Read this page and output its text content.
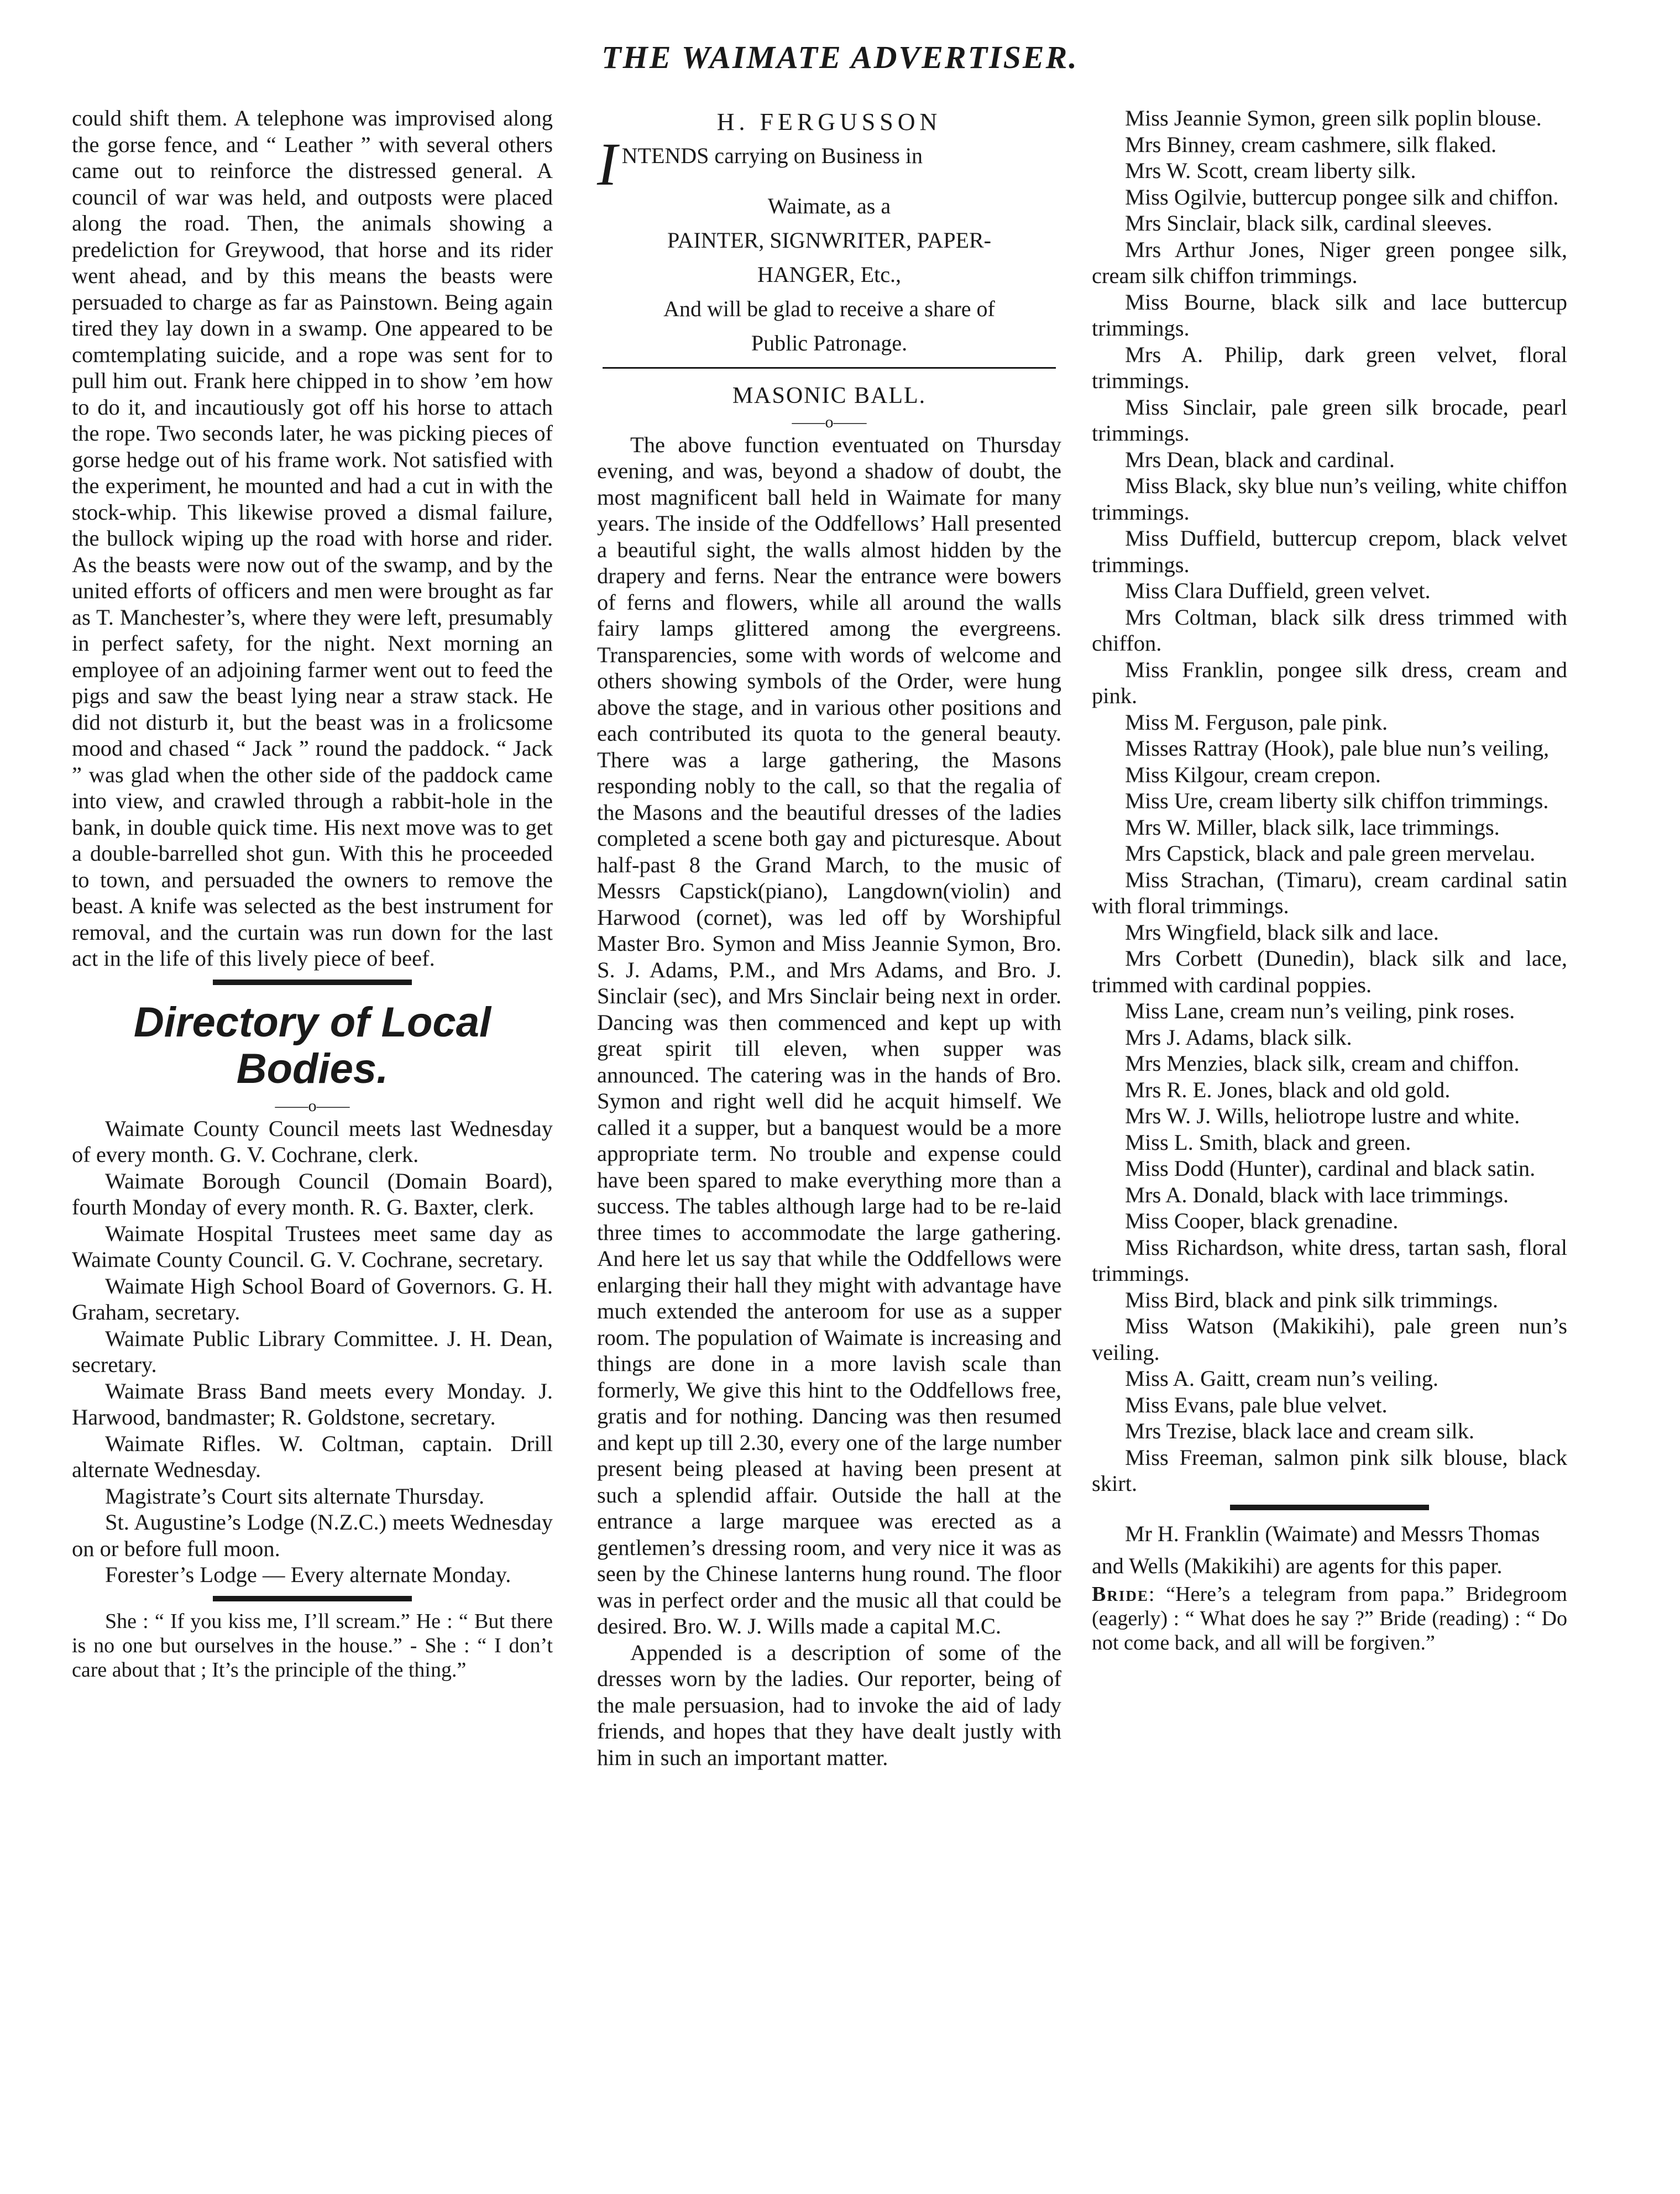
THE WAIMATE ADVERTISER.

could shift them. A telephone was improvised along the gorse fence, and “ Leather ” with several others came out to reinforce the distressed general. A council of war was held, and outposts were placed along the road. Then, the animals showing a predeliction for Greywood, that horse and its rider went ahead, and by this means the beasts were persuaded to charge as far as Painstown. Being again tired they lay down in a swamp. One appeared to be comtemplating suicide, and a rope was sent for to pull him out. Frank here chipped in to show ’em how to do it, and incautiously got off his horse to attach the rope. Two seconds later, he was picking pieces of gorse hedge out of his frame work. Not satisfied with the experiment, he mounted and had a cut in with the stock-whip. This likewise proved a dismal failure, the bullock wiping up the road with horse and rider. As the beasts were now out of the swamp, and by the united efforts of officers and men were brought as far as T. Manchester’s, where they were left, presumably in perfect safety, for the night. Next morning an employee of an adjoining farmer went out to feed the pigs and saw the beast lying near a straw stack. He did not disturb it, but the beast was in a frolicsome mood and chased “ Jack ” round the paddock. “ Jack ” was glad when the other side of the paddock came into view, and crawled through a rabbit-hole in the bank, in double quick time. His next move was to get a double-barrelled shot gun. With this he proceeded to town, and persuaded the owners to remove the beast. A knife was selected as the best instrument for removal, and the curtain was run down for the last act in the life of this lively piece of beef.

Directory of Local Bodies.
——o——

Waimate County Council meets last Wednesday of every month. G. V. Cochrane, clerk.

Waimate Borough Council (Domain Board), fourth Monday of every month. R. G. Baxter, clerk.

Waimate Hospital Trustees meet same day as Waimate County Council. G. V. Cochrane, secretary.

Waimate High School Board of Governors. G. H. Graham, secretary.

Waimate Public Library Committee. J. H. Dean, secretary.

Waimate Brass Band meets every Monday. J. Harwood, bandmaster; R. Goldstone, secretary.

Waimate Rifles. W. Coltman, captain. Drill alternate Wednesday.

Magistrate’s Court sits alternate Thursday.

St. Augustine’s Lodge (N.Z.C.) meets Wednesday on or before full moon.

Forester’s Lodge — Every alternate Monday.

She : “ If you kiss me, I’ll scream.” He : “ But there is no one but ourselves in the house.” - She : “ I don’t care about that ; It’s the principle of the thing.”

H. FERGUSSON
INTENDS carrying on Business in
Waimate, as a
PAINTER, SIGNWRITER, PAPER-
HANGER, Etc.,
And will be glad to receive a share of
Public Patronage.
MASONIC BALL.
——o——

The above function eventuated on Thursday evening, and was, beyond a shadow of doubt, the most magnificent ball held in Waimate for many years. The inside of the Oddfellows’ Hall presented a beautiful sight, the walls almost hidden by the drapery and ferns. Near the entrance were bowers of ferns and flowers, while all around the walls fairy lamps glittered among the evergreens. Transparencies, some with words of welcome and others showing symbols of the Order, were hung above the stage, and in various other positions and each contributed its quota to the general beauty. There was a large gathering, the Masons responding nobly to the call, so that the regalia of the Masons and the beautiful dresses of the ladies completed a scene both gay and picturesque. About half-past 8 the Grand March, to the music of Messrs Capstick(piano), Langdown(violin) and Harwood (cornet), was led off by Worshipful Master Bro. Symon and Miss Jeannie Symon, Bro. S. J. Adams, P.M., and Mrs Adams, and Bro. J. Sinclair (sec), and Mrs Sinclair being next in order. Dancing was then commenced and kept up with great spirit till eleven, when supper was announced. The catering was in the hands of Bro. Symon and right well did he acquit himself. We called it a supper, but a banquest would be a more appropriate term. No trouble and expense could have been spared to make everything more than a success. The tables although large had to be re-laid three times to accommodate the large gathering. And here let us say that while the Oddfellows were enlarging their hall they might with advantage have much extended the anteroom for use as a supper room. The population of Waimate is increasing and things are done in a more lavish scale than formerly, We give this hint to the Oddfellows free, gratis and for nothing. Dancing was then resumed and kept up till 2.30, every one of the large number present being pleased at having been present at such a splendid affair. Outside the hall at the entrance a large marquee was erected as a gentlemen’s dressing room, and very nice it was as seen by the Chinese lanterns hung round. The floor was in perfect order and the music all that could be desired. Bro. W. J. Wills made a capital M.C.

Appended is a description of some of the dresses worn by the ladies. Our reporter, being of the male persuasion, had to invoke the aid of lady friends, and hopes that they have dealt justly with him in such an important matter.

Miss Jeannie Symon, green silk poplin blouse.

Mrs Binney, cream cashmere, silk flaked.

Mrs W. Scott, cream liberty silk.

Miss Ogilvie, buttercup pongee silk and chiffon.

Mrs Sinclair, black silk, cardinal sleeves.

Mrs Arthur Jones, Niger green pongee silk, cream silk chiffon trimmings.

Miss Bourne, black silk and lace buttercup trimmings.

Mrs A. Philip, dark green velvet, floral trimmings.

Miss Sinclair, pale green silk brocade, pearl trimmings.

Mrs Dean, black and cardinal.

Miss Black, sky blue nun’s veiling, white chiffon trimmings.

Miss Duffield, buttercup crepom, black velvet trimmings.

Miss Clara Duffield, green velvet.

Mrs Coltman, black silk dress trimmed with chiffon.

Miss Franklin, pongee silk dress, cream and pink.

Miss M. Ferguson, pale pink.

Misses Rattray (Hook), pale blue nun’s veiling,

Miss Kilgour, cream crepon.

Miss Ure, cream liberty silk chiffon trimmings.

Mrs W. Miller, black silk, lace trimmings.

Mrs Capstick, black and pale green mervelau.

Miss Strachan, (Timaru), cream cardinal satin with floral trimmings.

Mrs Wingfield, black silk and lace.

Mrs Corbett (Dunedin), black silk and lace, trimmed with cardinal poppies.

Miss Lane, cream nun’s veiling, pink roses.

Mrs J. Adams, black silk.

Mrs Menzies, black silk, cream and chiffon.

Mrs R. E. Jones, black and old gold.

Mrs W. J. Wills, heliotrope lustre and white.

Miss L. Smith, black and green.

Miss Dodd (Hunter), cardinal and black satin.

Mrs A. Donald, black with lace trimmings.

Miss Cooper, black grenadine.

Miss Richardson, white dress, tartan sash, floral trimmings.

Miss Bird, black and pink silk trimmings.

Miss Watson (Makikihi), pale green nun’s veiling.

Miss A. Gaitt, cream nun’s veiling.

Miss Evans, pale blue velvet.

Mrs Trezise, black lace and cream silk.

Miss Freeman, salmon pink silk blouse, black skirt.

Mr H. Franklin (Waimate) and Messrs Thomas and Wells (Makikihi) are agents for this paper.

Bride: “Here’s a telegram from papa.” Bridegroom (eagerly) : “ What does he say ?” Bride (reading) : “ Do not come back, and all will be forgiven.”
